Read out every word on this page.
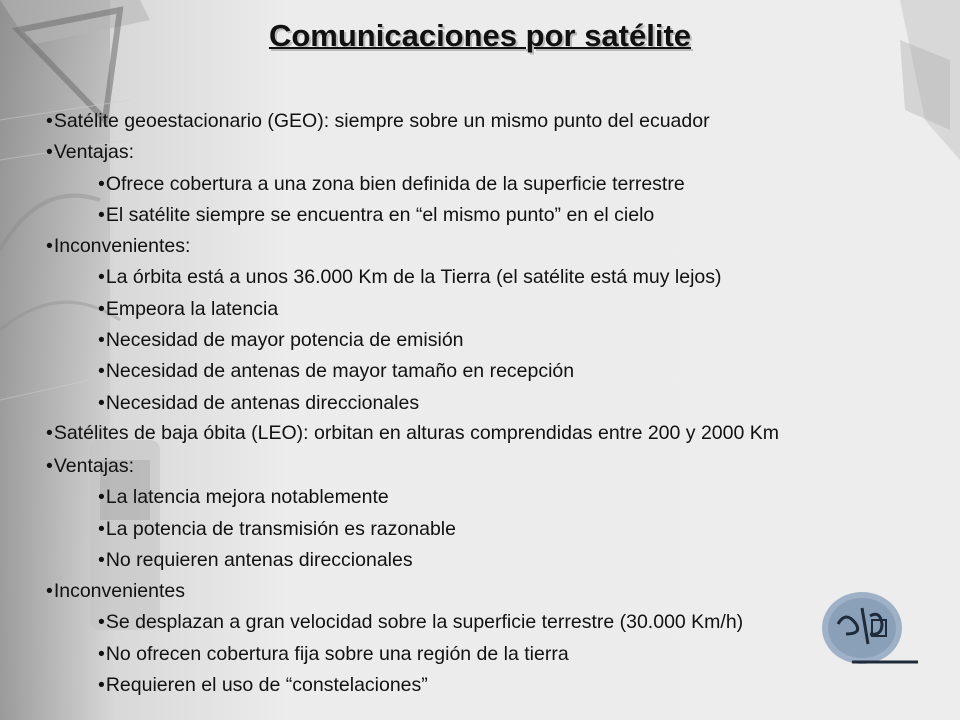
Comunicaciones por satélite
•Satélite geoestacionario (GEO): siempre sobre un mismo punto del ecuador
•Ventajas:
•Ofrece cobertura a una zona bien definida de la superficie terrestre
•El satélite siempre se encuentra en “el mismo punto” en el cielo
•Inconvenientes:
•La órbita está a unos 36.000 Km de la Tierra (el satélite está muy lejos)
•Empeora la latencia
•Necesidad de mayor potencia de emisión
•Necesidad de antenas de mayor tamaño en recepción
•Necesidad de antenas direccionales
•Satélites de baja óbita (LEO): orbitan en alturas comprendidas entre 200 y 2000 Km
•Ventajas:
•La latencia mejora notablemente
•La potencia de transmisión es razonable
•No requieren antenas direccionales
•Inconvenientes
•Se desplazan a gran velocidad sobre la superficie terrestre (30.000 Km/h)
•No ofrecen cobertura fija sobre una región de la tierra
•Requieren el uso de “constelaciones”
